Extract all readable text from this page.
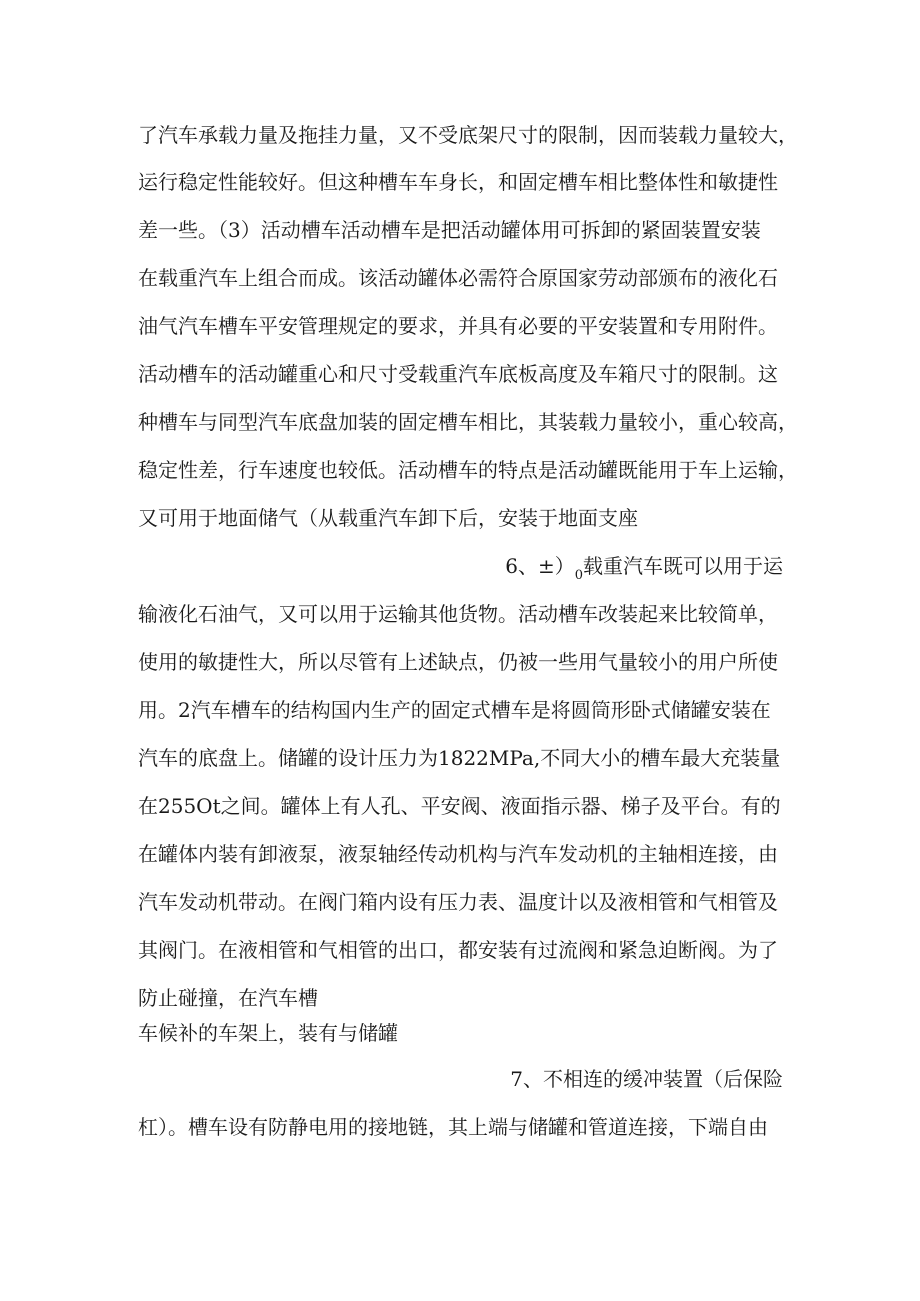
了汽车承载力量及拖挂力量，又不受底架尺寸的限制，因而装载力量较大，
运行稳定性能较好。但这种槽车车身长，和固定槽车相比整体性和敏捷性
差一些。（3）活动槽车活动槽车是把活动罐体用可拆卸的紧固装置安装
在载重汽车上组合而成。该活动罐体必需符合原国家劳动部颁布的液化石
油气汽车槽车平安管理规定的要求，并具有必要的平安装置和专用附件。
活动槽车的活动罐重心和尺寸受载重汽车底板高度及车箱尺寸的限制。这
种槽车与同型汽车底盘加装的固定槽车相比，其装载力量较小，重心较高，
稳定性差，行车速度也较低。活动槽车的特点是活动罐既能用于车上运输，
又可用于地面储气（从载重汽车卸下后，安装于地面支座
6、$\pm)_0$载重汽车既可以用于运
输液化石油气，又可以用于运输其他货物。活动槽车改装起来比较简单，
使用的敏捷性大，所以尽管有上述缺点，仍被一些用气量较小的用户所使
用。2汽车槽车的结构国内生产的固定式槽车是将圆筒形卧式储罐安装在
汽车的底盘上。储罐的设计压力为1822MPa,不同大小的槽车最大充装量
在255Ot之间。罐体上有人孔、平安阀、液面指示器、梯子及平台。有的
在罐体内装有卸液泵，液泵轴经传动机构与汽车发动机的主轴相连接，由
汽车发动机带动。在阀门箱内设有压力表、温度计以及液相管和气相管及
其阀门。在液相管和气相管的出口，都安装有过流阀和紧急迫断阀。为了
防止碰撞，在汽车槽
车候补的车架上，装有与储罐
7、不相连的缓冲装置（后保险
杠）。槽车设有防静电用的接地链，其上端与储罐和管道连接，下端自由
